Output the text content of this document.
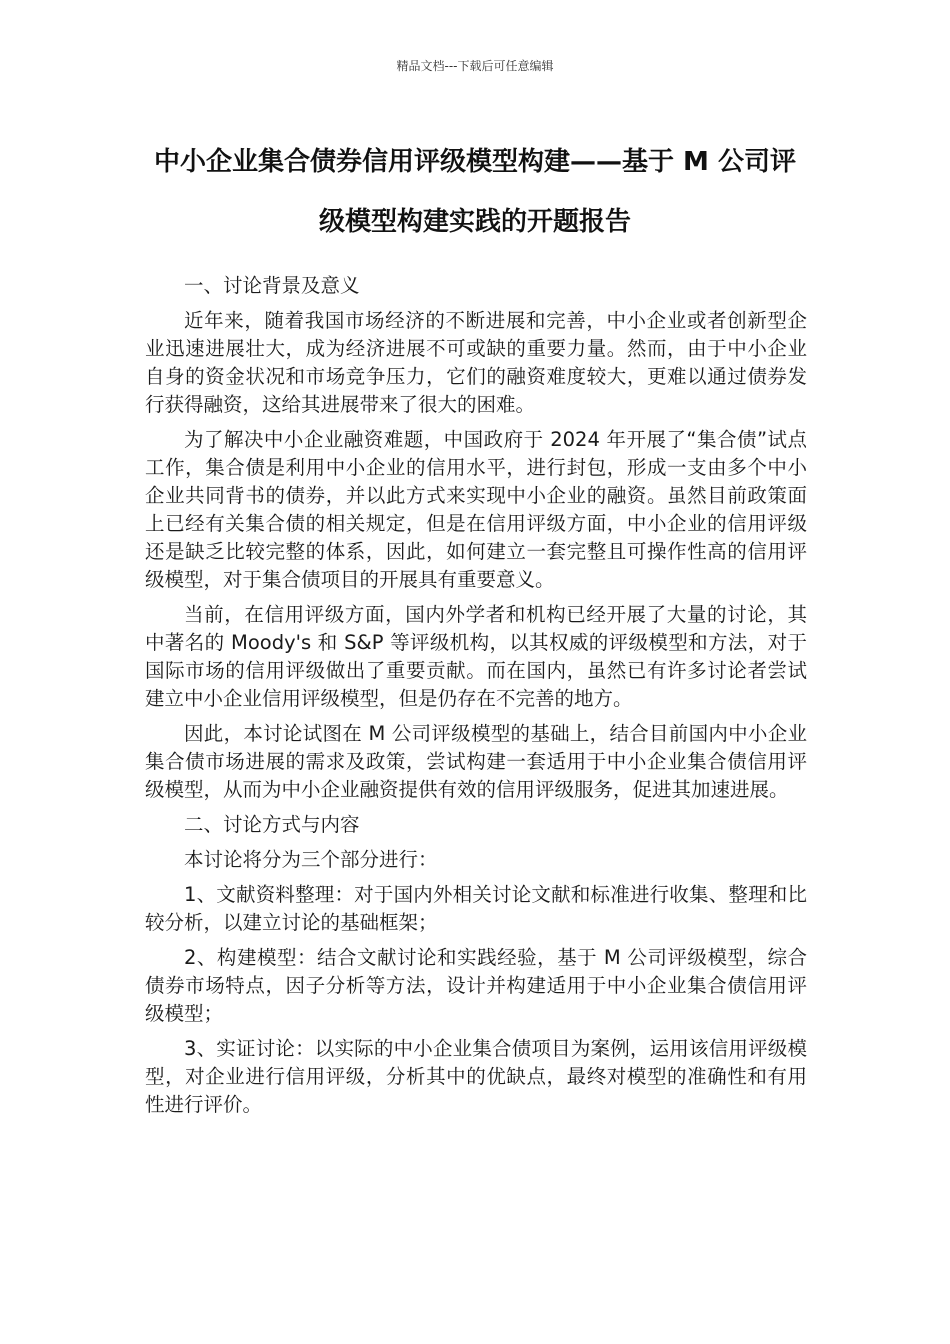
精品文档---下载后可任意编辑
中小企业集合债券信用评级模型构建——基于 M 公司评级模型构建实践的开题报告
一、讨论背景及意义

近年来，随着我国市场经济的不断进展和完善，中小企业或者创新型企业迅速进展壮大，成为经济进展不可或缺的重要力量。然而，由于中小企业自身的资金状况和市场竞争压力，它们的融资难度较大，更难以通过债券发行获得融资，这给其进展带来了很大的困难。

为了解决中小企业融资难题，中国政府于 2024 年开展了“集合债”试点工作，集合债是利用中小企业的信用水平，进行封包，形成一支由多个中小企业共同背书的债券，并以此方式来实现中小企业的融资。虽然目前政策面上已经有关集合债的相关规定，但是在信用评级方面，中小企业的信用评级还是缺乏比较完整的体系，因此，如何建立一套完整且可操作性高的信用评级模型，对于集合债项目的开展具有重要意义。

当前，在信用评级方面，国内外学者和机构已经开展了大量的讨论，其中著名的 Moody's 和 S&P 等评级机构，以其权威的评级模型和方法，对于国际市场的信用评级做出了重要贡献。而在国内，虽然已有许多讨论者尝试建立中小企业信用评级模型，但是仍存在不完善的地方。

因此，本讨论试图在 M 公司评级模型的基础上，结合目前国内中小企业集合债市场进展的需求及政策，尝试构建一套适用于中小企业集合债信用评级模型，从而为中小企业融资提供有效的信用评级服务，促进其加速进展。

二、讨论方式与内容

本讨论将分为三个部分进行：

1、文献资料整理：对于国内外相关讨论文献和标准进行收集、整理和比较分析，以建立讨论的基础框架；

2、构建模型：结合文献讨论和实践经验，基于 M 公司评级模型，综合债券市场特点，因子分析等方法，设计并构建适用于中小企业集合债信用评级模型；

3、实证讨论：以实际的中小企业集合债项目为案例，运用该信用评级模型，对企业进行信用评级，分析其中的优缺点，最终对模型的准确性和有用性进行评价。
